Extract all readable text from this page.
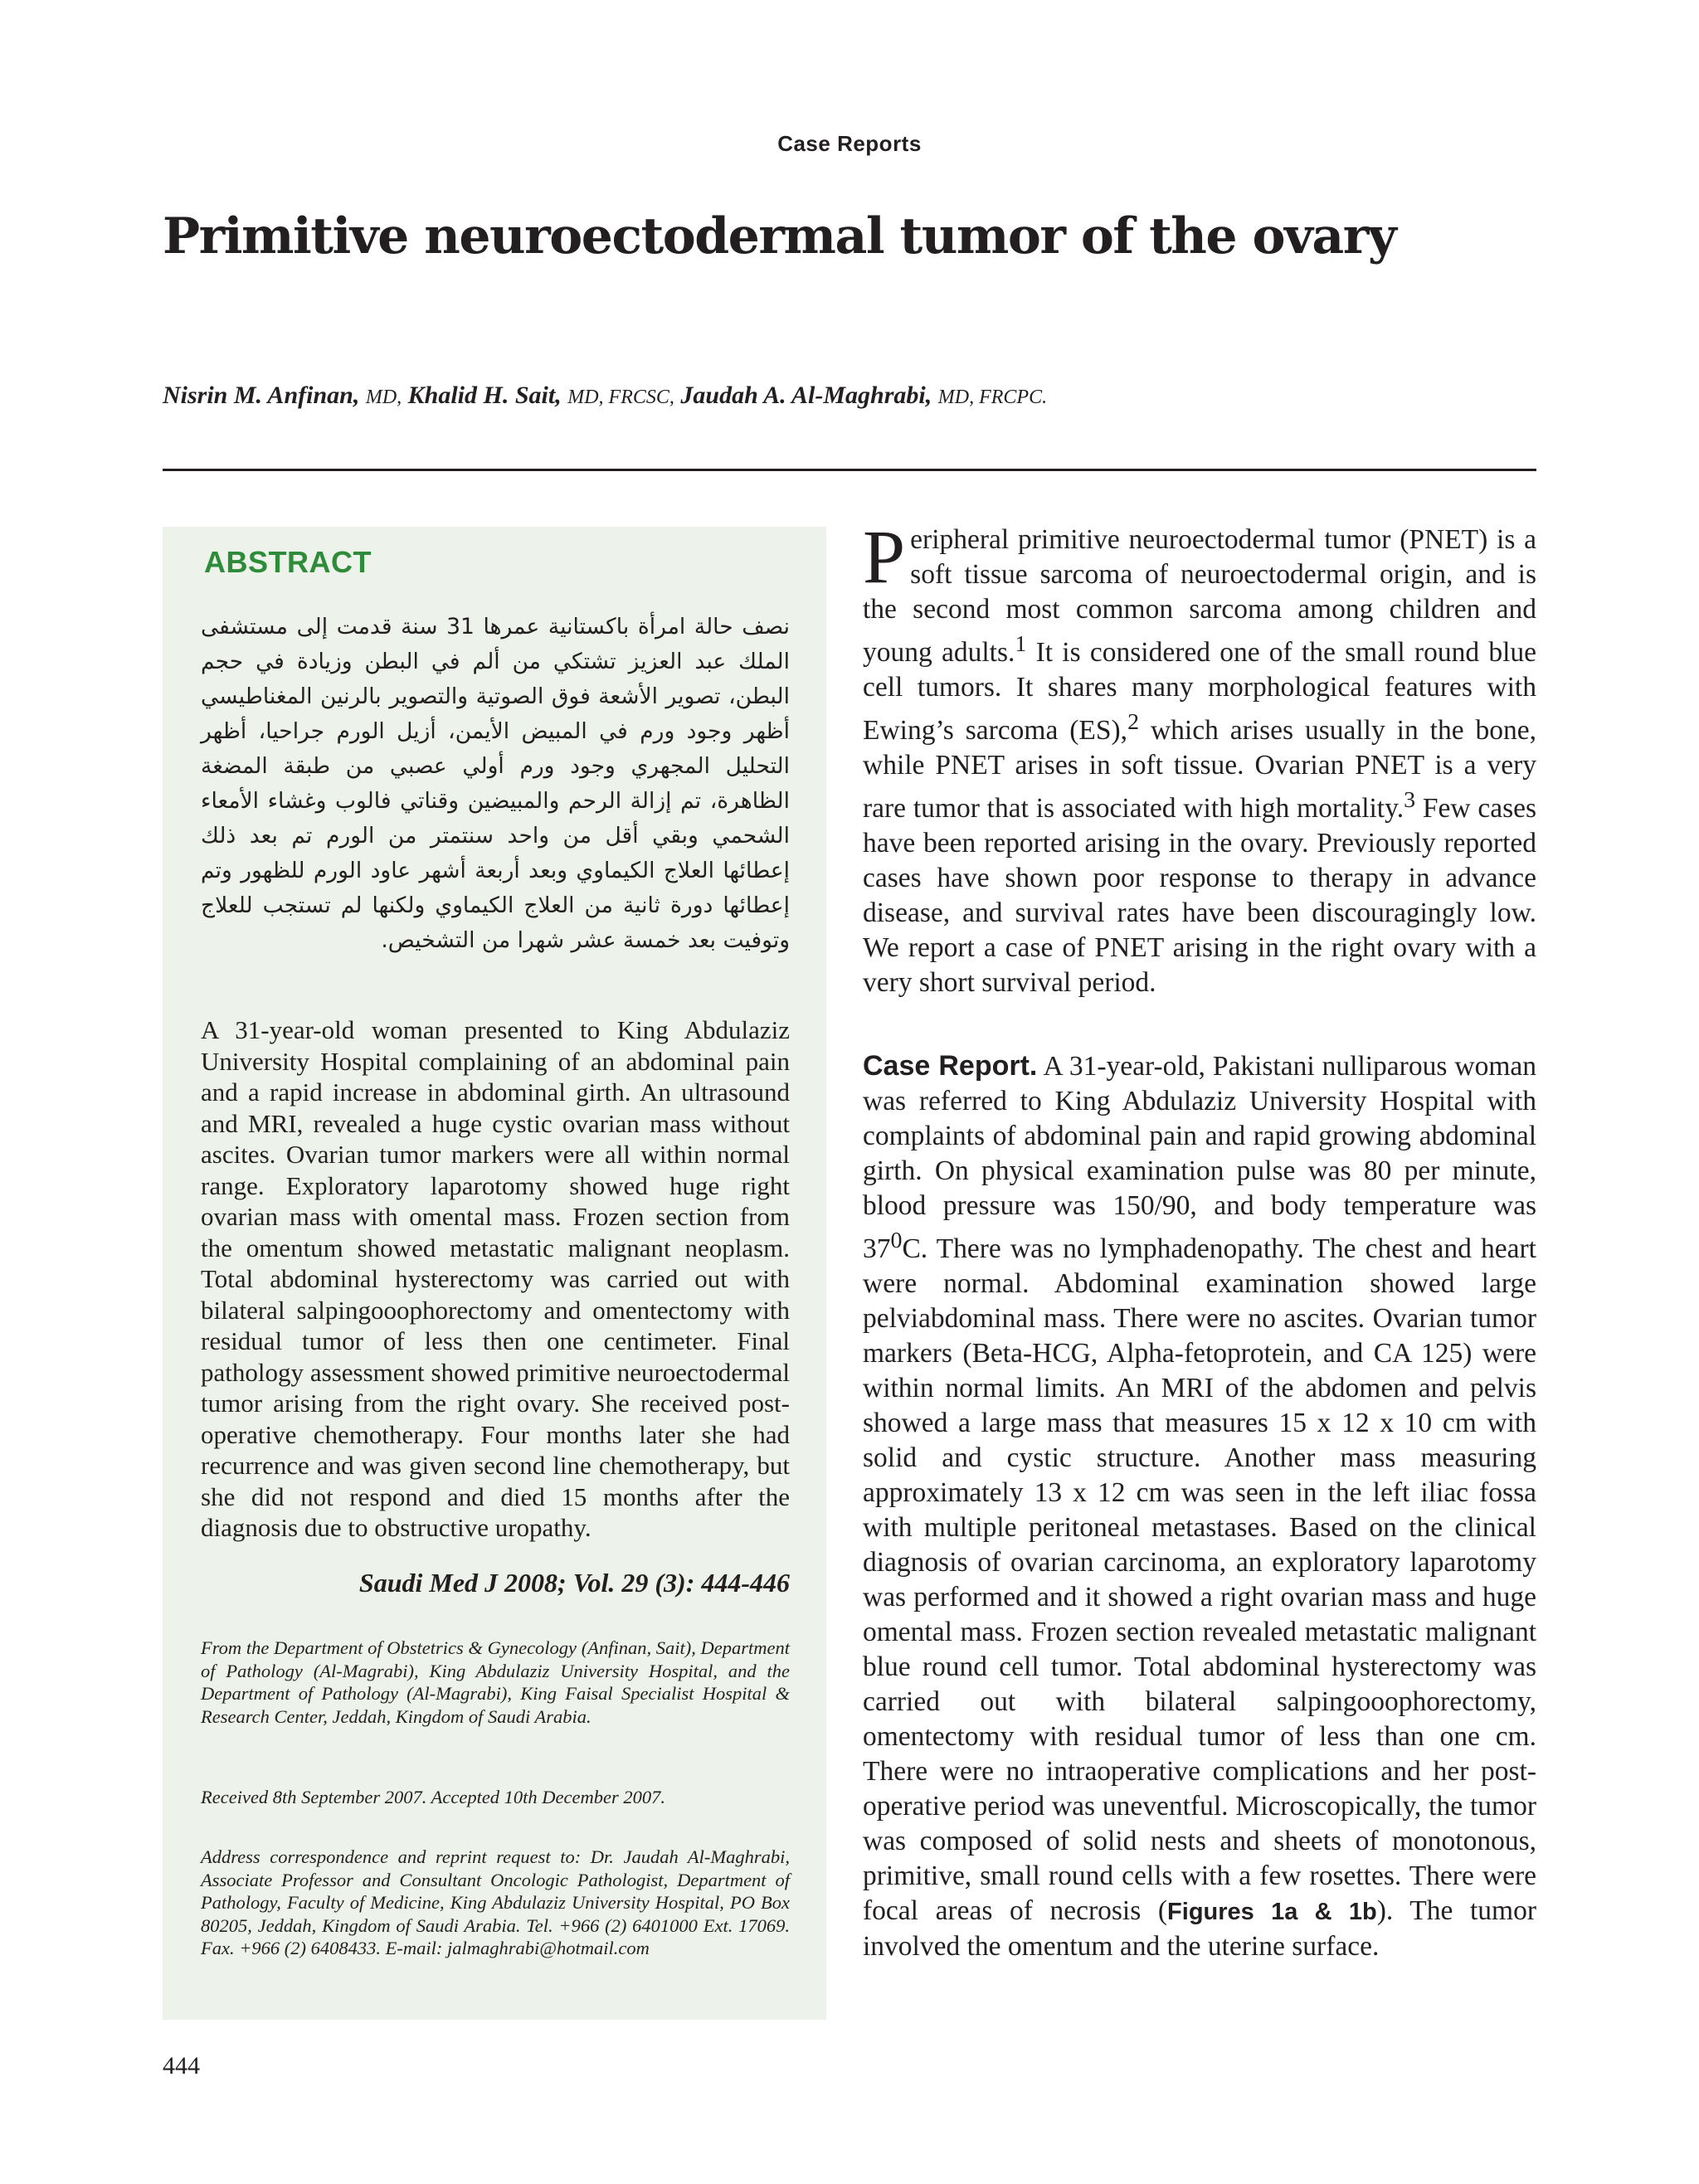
Case Reports
Primitive neuroectodermal tumor of the ovary
Nisrin M. Anfinan, MD, Khalid H. Sait, MD, FRCSC, Jaudah A. Al-Maghrabi, MD, FRCPC.
ABSTRACT

نصف حالة امرأة باكستانية عمرها 31 سنة قدمت إلى مستشفى الملك عبد العزيز تشتكي من ألم في البطن وزيادة في حجم البطن، تصوير الأشعة فوق الصوتية والتصوير بالرنين المغناطيسي أظهر وجود ورم في المبيض الأيمن، أزيل الورم جراحيا، أظهر التحليل المجهري وجود ورم أولي عصبي من طبقة المضغة الظاهرة، تم إزالة الرحم والمبيضين وقناتي فالوب وغشاء الأمعاء الشحمي وبقي أقل من واحد سنتمتر من الورم تم بعد ذلك إعطائها العلاج الكيماوي وبعد أربعة أشهر عاود الورم للظهور وتم إعطائها دورة ثانية من العلاج الكيماوي ولكنها لم تستجب للعلاج وتوفيت بعد خمسة عشر شهرا من التشخيص.

A 31-year-old woman presented to King Abdulaziz University Hospital complaining of an abdominal pain and a rapid increase in abdominal girth. An ultrasound and MRI, revealed a huge cystic ovarian mass without ascites. Ovarian tumor markers were all within normal range. Exploratory laparotomy showed huge right ovarian mass with omental mass. Frozen section from the omentum showed metastatic malignant neoplasm. Total abdominal hysterectomy was carried out with bilateral salpingooophorectomy and omentectomy with residual tumor of less then one centimeter. Final pathology assessment showed primitive neuroectodermal tumor arising from the right ovary. She received post- operative chemotherapy. Four months later she had recurrence and was given second line chemotherapy, but she did not respond and died 15 months after the diagnosis due to obstructive uropathy.

Saudi Med J 2008; Vol. 29 (3): 444-446

From the Department of Obstetrics & Gynecology (Anfinan, Sait), Department of Pathology (Al-Magrabi), King Abdulaziz University Hospital, and the Department of Pathology (Al-Magrabi), King Faisal Specialist Hospital & Research Center, Jeddah, Kingdom of Saudi Arabia.

Received 8th September 2007. Accepted 10th December 2007.

Address correspondence and reprint request to: Dr. Jaudah Al-Maghrabi, Associate Professor and Consultant Oncologic Pathologist, Department of Pathology, Faculty of Medicine, King Abdulaziz University Hospital, PO Box 80205, Jeddah, Kingdom of Saudi Arabia. Tel. +966 (2) 6401000 Ext. 17069. Fax. +966 (2) 6408433. E-mail: jalmaghrabi@hotmail.com

Peripheral primitive neuroectodermal tumor (PNET) is a soft tissue sarcoma of neuroectodermal origin, and is the second most common sarcoma among children and young adults.$^1$ It is considered one of the small round blue cell tumors. It shares many morphological features with Ewing’s sarcoma (ES),$^2$ which arises usually in the bone, while PNET arises in soft tissue. Ovarian PNET is a very rare tumor that is associated with high mortality.$^3$ Few cases have been reported arising in the ovary. Previously reported cases have shown poor response to therapy in advance disease, and survival rates have been discouragingly low. We report a case of PNET arising in the right ovary with a very short survival period.
Case Report. A 31-year-old, Pakistani nulliparous woman was referred to King Abdulaziz University Hospital with complaints of abdominal pain and rapid growing abdominal girth. On physical examination pulse was 80 per minute, blood pressure was 150/90, and body temperature was $37^0C$. There was no lymphadenopathy. The chest and heart were normal. Abdominal examination showed large pelviabdominal mass. There were no ascites. Ovarian tumor markers (Beta-HCG, Alpha-fetoprotein, and CA 125) were within normal limits. An MRI of the abdomen and pelvis showed a large mass that measures 15 x 12 x 10 cm with solid and cystic structure. Another mass measuring approximately 13 x 12 cm was seen in the left iliac fossa with multiple peritoneal metastases. Based on the clinical diagnosis of ovarian carcinoma, an exploratory laparotomy was performed and it showed a right ovarian mass and huge omental mass. Frozen section revealed metastatic malignant blue round cell tumor. Total abdominal hysterectomy was carried out with bilateral salpingooophorectomy, omentectomy with residual tumor of less than one cm. There were no intraoperative complications and her post-operative period was uneventful. Microscopically, the tumor was composed of solid nests and sheets of monotonous, primitive, small round cells with a few rosettes. There were focal areas of necrosis (Figures 1a & 1b). The tumor involved the omentum and the uterine surface.
444
